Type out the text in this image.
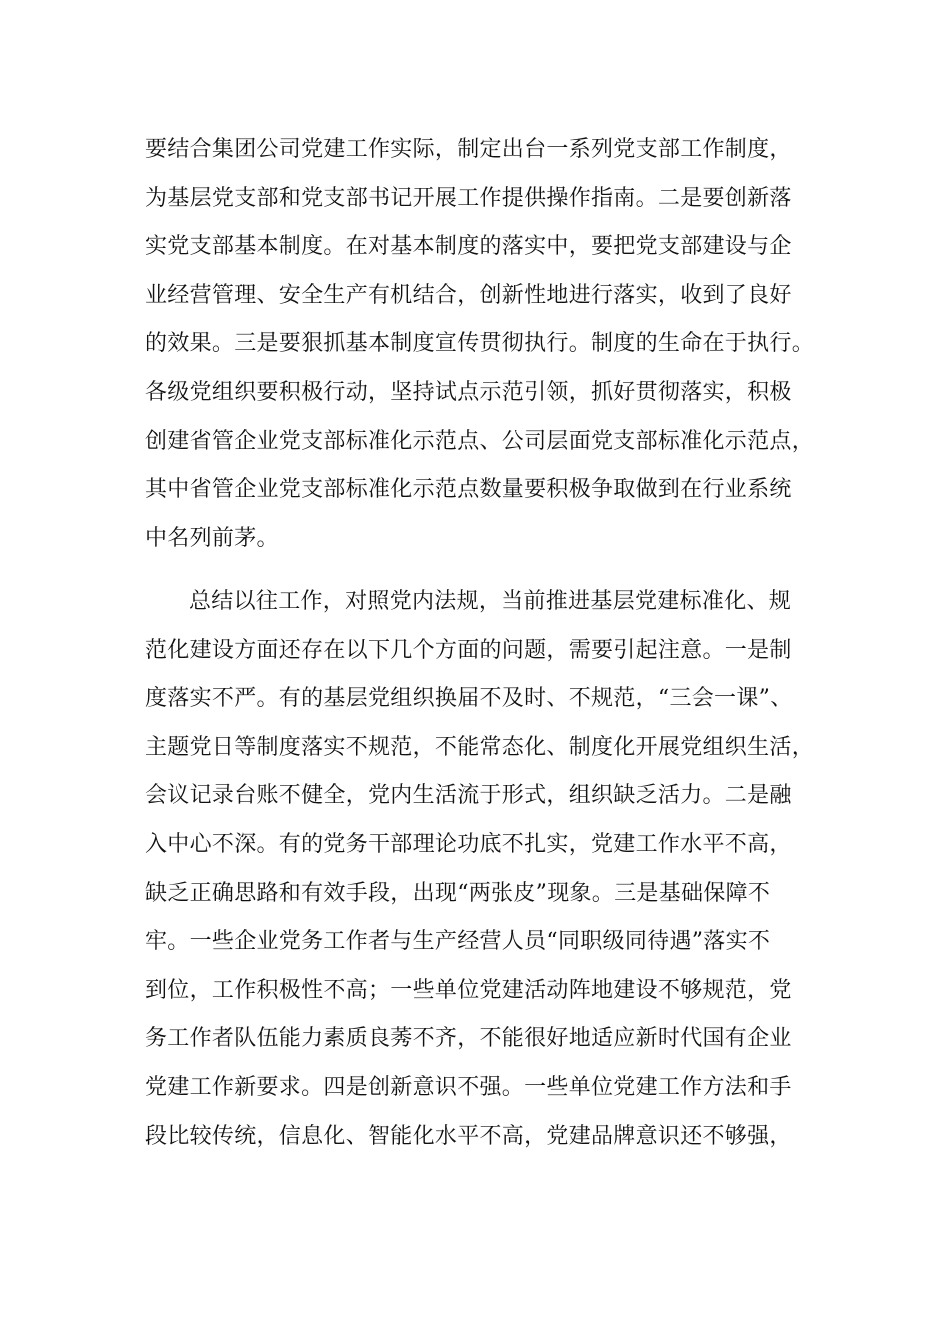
要结合集团公司党建工作实际，制定出台一系列党支部工作制度，
为基层党支部和党支部书记开展工作提供操作指南。二是要创新落
实党支部基本制度。在对基本制度的落实中，要把党支部建设与企
业经营管理、安全生产有机结合，创新性地进行落实，收到了良好
的效果。三是要狠抓基本制度宣传贯彻执行。制度的生命在于执行。
各级党组织要积极行动，坚持试点示范引领，抓好贯彻落实，积极
创建省管企业党支部标准化示范点、公司层面党支部标准化示范点，
其中省管企业党支部标准化示范点数量要积极争取做到在行业系统
中名列前茅。
总结以往工作，对照党内法规，当前推进基层党建标准化、规
范化建设方面还存在以下几个方面的问题，需要引起注意。一是制
度落实不严。有的基层党组织换届不及时、不规范，“三会一课”、
主题党日等制度落实不规范，不能常态化、制度化开展党组织生活，
会议记录台账不健全，党内生活流于形式，组织缺乏活力。二是融
入中心不深。有的党务干部理论功底不扎实，党建工作水平不高，
缺乏正确思路和有效手段，出现“两张皮”现象。三是基础保障不
牢。一些企业党务工作者与生产经营人员“同职级同待遇”落实不
到位，工作积极性不高；一些单位党建活动阵地建设不够规范，党
务工作者队伍能力素质良莠不齐，不能很好地适应新时代国有企业
党建工作新要求。四是创新意识不强。一些单位党建工作方法和手
段比较传统，信息化、智能化水平不高，党建品牌意识还不够强，
